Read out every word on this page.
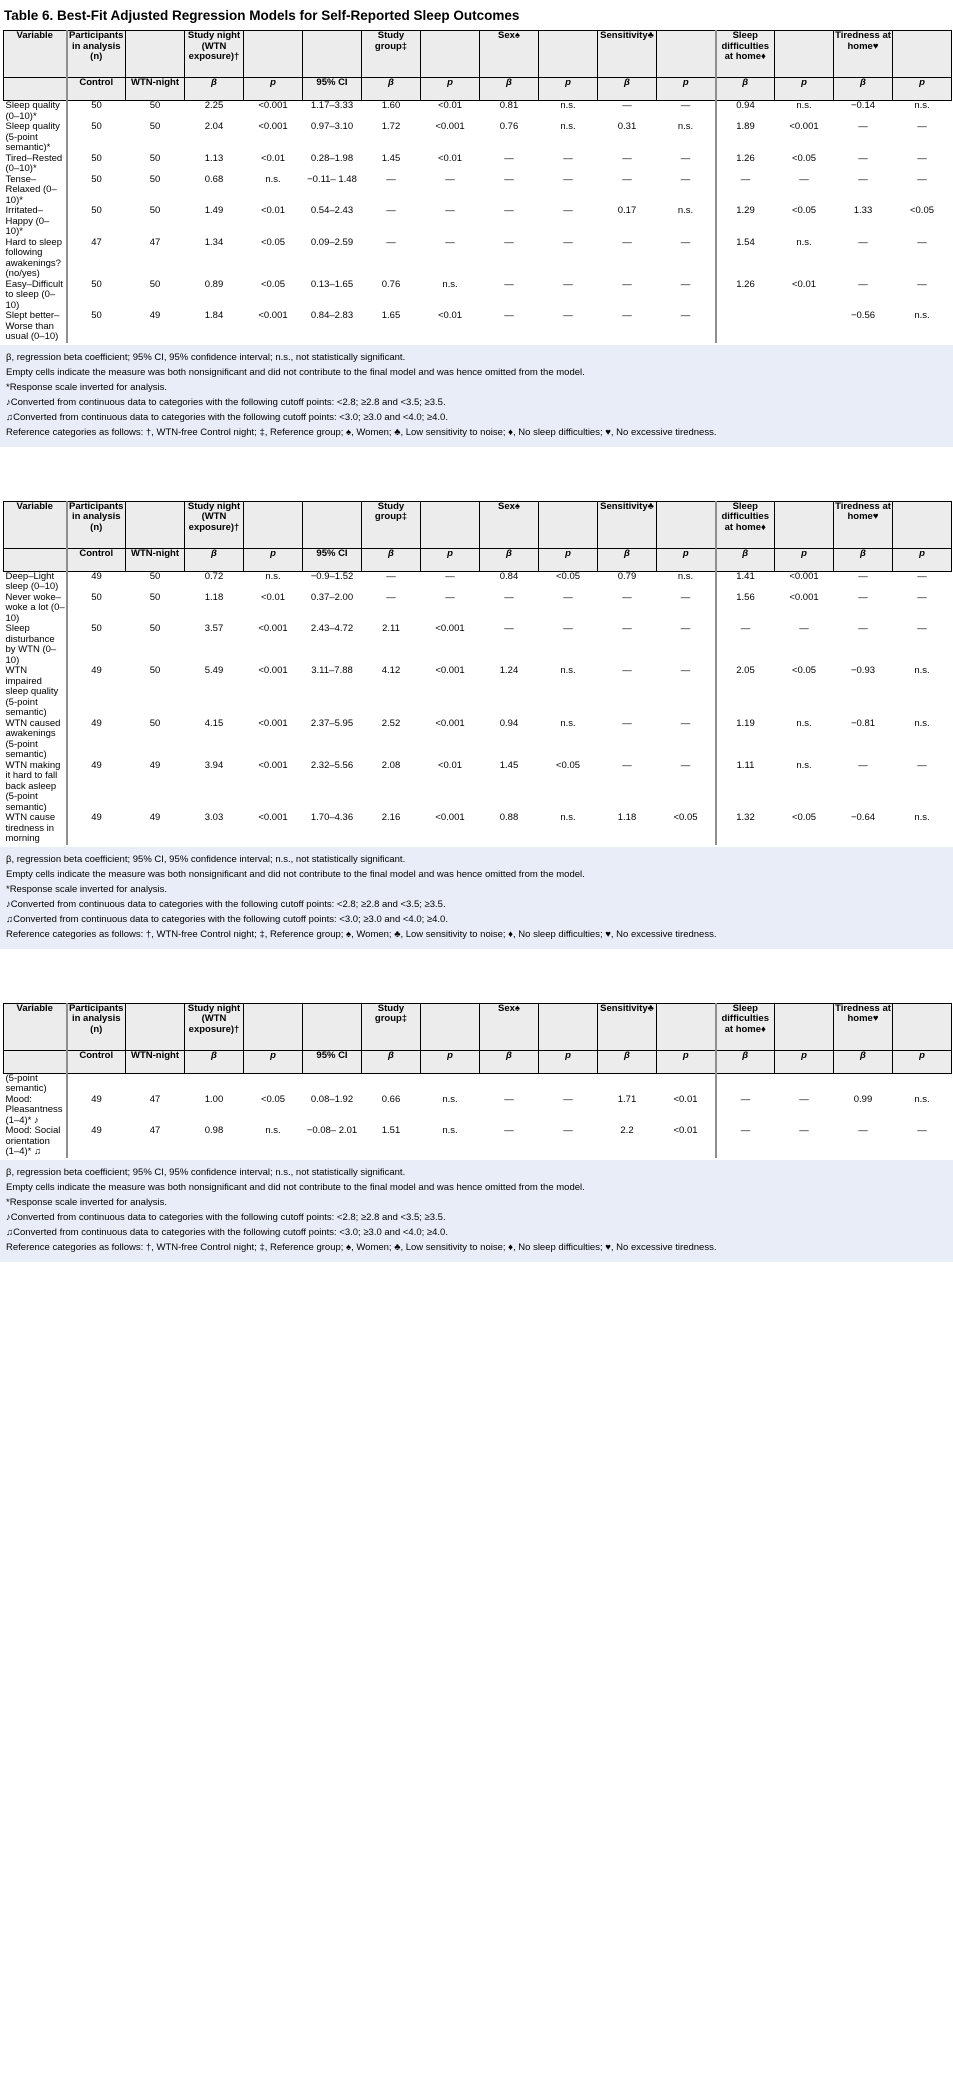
Table 6. Best-Fit Adjusted Regression Models for Self-Reported Sleep Outcomes
Variable	Participants in analysis (n)		Study night (WTN exposure)†			Study group‡		Sex♠		Sensitivity♣		Sleep difficulties at home♦		Tiredness at home♥	
	Control	WTN-night	β	p	95% CI	β	p	β	p	β	p	β	p	β	p
Sleep quality (0–10)*	50	50	2.25	<0.001	1.17–3.33	1.60	<0.01	0.81	n.s.	—	—	0.94	n.s.	−0.14	n.s.
Sleep quality (5-point semantic)*	50	50	2.04	<0.001	0.97–3.10	1.72	<0.001	0.76	n.s.	0.31	n.s.	1.89	<0.001	—	—
Tired–Rested (0–10)*	50	50	1.13	<0.01	0.28–1.98	1.45	<0.01	—	—	—	—	1.26	<0.05	—	—
Tense–Relaxed (0–10)*	50	50	0.68	n.s.	−0.11– 1.48	—	—	—	—	—	—	—	—	—	—
Irritated–Happy (0–10)*	50	50	1.49	<0.01	0.54–2.43	—	—	—	—	0.17	n.s.	1.29	<0.05	1.33	<0.05
Hard to sleep following awakenings? (no/yes)	47	47	1.34	<0.05	0.09–2.59	—	—	—	—	—	—	1.54	n.s.	—	—
Easy–Difficult to sleep (0–10)	50	50	0.89	<0.05	0.13–1.65	0.76	n.s.	—	—	—	—	1.26	<0.01	—	—
Slept better–Worse than usual (0–10)	50	49	1.84	<0.001	0.84–2.83	1.65	<0.01	—	—	—	—			−0.56	n.s.
β, regression beta coefficient; 95% CI, 95% confidence interval; n.s., not statistically significant.
Empty cells indicate the measure was both nonsignificant and did not contribute to the final model and was hence omitted from the model.
*Response scale inverted for analysis.
♪Converted from continuous data to categories with the following cutoff points: <2.8; ≥2.8 and <3.5; ≥3.5.
♫Converted from continuous data to categories with the following cutoff points: <3.0; ≥3.0 and <4.0; ≥4.0.
Reference categories as follows: †, WTN-free Control night; ‡, Reference group; ♠, Women; ♣, Low sensitivity to noise; ♦, No sleep difficulties; ♥, No excessive tiredness.
Variable	Participants in analysis (n)		Study night (WTN exposure)†			Study group‡		Sex♠		Sensitivity♣		Sleep difficulties at home♦		Tiredness at home♥	
	Control	WTN-night	β	p	95% CI	β	p	β	p	β	p	β	p	β	p
Deep–Light sleep (0–10)	49	50	0.72	n.s.	−0.9–1.52	—	—	0.84	<0.05	0.79	n.s.	1.41	<0.001	—	—
Never woke–woke a lot (0–10)	50	50	1.18	<0.01	0.37–2.00	—	—	—	—	—	—	1.56	<0.001	—	—
Sleep disturbance by WTN (0–10)	50	50	3.57	<0.001	2.43–4.72	2.11	<0.001	—	—	—	—	—	—	—	—
WTN impaired sleep quality (5-point semantic)	49	50	5.49	<0.001	3.11–7.88	4.12	<0.001	1.24	n.s.	—	—	2.05	<0.05	−0.93	n.s.
WTN caused awakenings (5-point semantic)	49	50	4.15	<0.001	2.37–5.95	2.52	<0.001	0.94	n.s.	—	—	1.19	n.s.	−0.81	n.s.
WTN making it hard to fall back asleep (5-point semantic)	49	49	3.94	<0.001	2.32–5.56	2.08	<0.01	1.45	<0.05	—	—	1.11	n.s.	—	—
WTN cause tiredness in morning	49	49	3.03	<0.001	1.70–4.36	2.16	<0.001	0.88	n.s.	1.18	<0.05	1.32	<0.05	−0.64	n.s.
β, regression beta coefficient; 95% CI, 95% confidence interval; n.s., not statistically significant.
Empty cells indicate the measure was both nonsignificant and did not contribute to the final model and was hence omitted from the model.
*Response scale inverted for analysis.
♪Converted from continuous data to categories with the following cutoff points: <2.8; ≥2.8 and <3.5; ≥3.5.
♫Converted from continuous data to categories with the following cutoff points: <3.0; ≥3.0 and <4.0; ≥4.0.
Reference categories as follows: †, WTN-free Control night; ‡, Reference group; ♠, Women; ♣, Low sensitivity to noise; ♦, No sleep difficulties; ♥, No excessive tiredness.
Variable	Participants in analysis (n)		Study night (WTN exposure)†			Study group‡		Sex♠		Sensitivity♣		Sleep difficulties at home♦		Tiredness at home♥	
	Control	WTN-night	β	p	95% CI	β	p	β	p	β	p	β	p	β	p
(5-point semantic)															
Mood: Pleasantness (1–4)* ♪	49	47	1.00	<0.05	0.08–1.92	0.66	n.s.	—	—	1.71	<0.01	—	—	0.99	n.s.
Mood: Social orientation (1–4)* ♫	49	47	0.98	n.s.	−0.08– 2.01	1.51	n.s.	—	—	2.2	<0.01	—	—	—	—
β, regression beta coefficient; 95% CI, 95% confidence interval; n.s., not statistically significant.
Empty cells indicate the measure was both nonsignificant and did not contribute to the final model and was hence omitted from the model.
*Response scale inverted for analysis.
♪Converted from continuous data to categories with the following cutoff points: <2.8; ≥2.8 and <3.5; ≥3.5.
♫Converted from continuous data to categories with the following cutoff points: <3.0; ≥3.0 and <4.0; ≥4.0.
Reference categories as follows: †, WTN-free Control night; ‡, Reference group; ♠, Women; ♣, Low sensitivity to noise; ♦, No sleep difficulties; ♥, No excessive tiredness.
